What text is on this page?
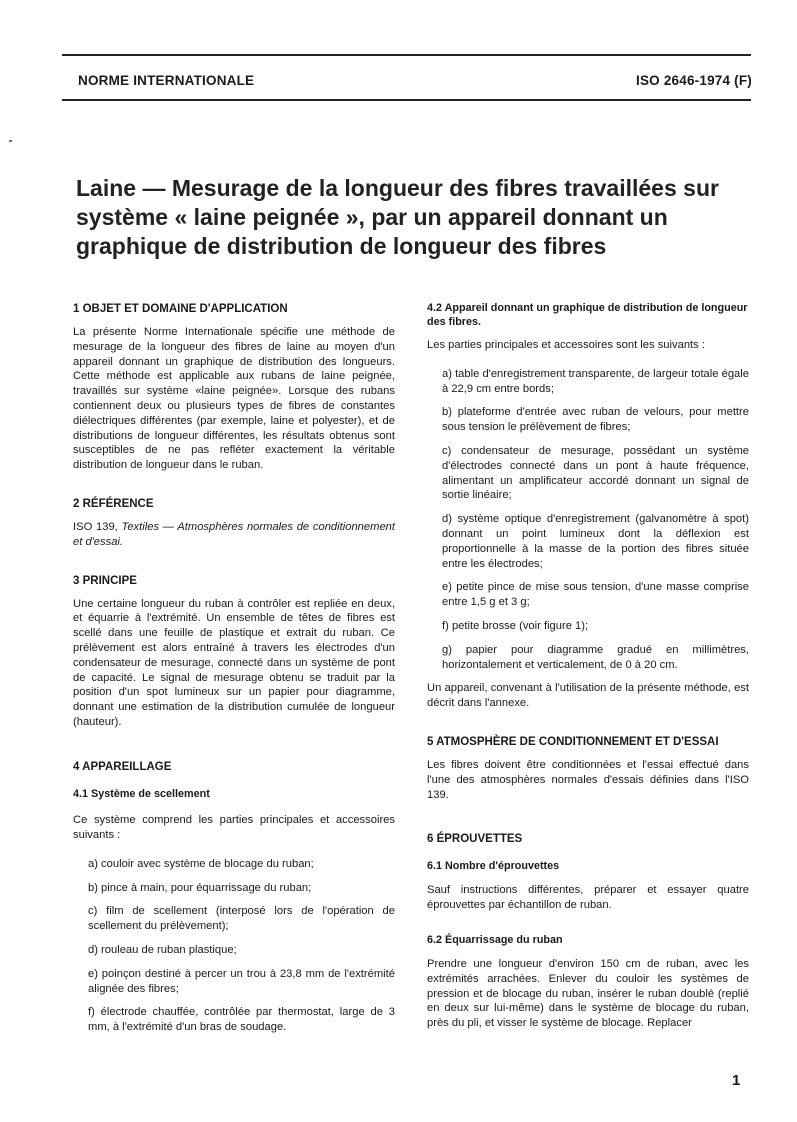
NORME INTERNATIONALE	ISO 2646-1974 (F)
Laine — Mesurage de la longueur des fibres travaillées sur système « laine peignée », par un appareil donnant un graphique de distribution de longueur des fibres
1 OBJET ET DOMAINE D'APPLICATION

La présente Norme Internationale spécifie une méthode de mesurage de la longueur des fibres de laine au moyen d'un appareil donnant un graphique de distribution des longueurs. Cette méthode est applicable aux rubans de laine peignée, travaillés sur système «laine peignée». Lorsque des rubans contiennent deux ou plusieurs types de fibres de constantes diélectriques différentes (par exemple, laine et polyester), et de distributions de longueur différentes, les résultats obtenus sont susceptibles de ne pas refléter exactement la véritable distribution de longueur dans le ruban.

2 RÉFÉRENCE

ISO 139, Textiles — Atmosphères normales de conditionnement et d'essai.

3 PRINCIPE

Une certaine longueur du ruban à contrôler est repliée en deux, et équarrie à l'extrémité. Un ensemble de têtes de fibres est scellé dans une feuille de plastique et extrait du ruban. Ce prélèvement est alors entraîné à travers les électrodes d'un condensateur de mesurage, connecté dans un système de pont de capacité. Le signal de mesurage obtenu se traduit par la position d'un spot lumineux sur un papier pour diagramme, donnant une estimation de la distribution cumulée de longueur (hauteur).

4 APPAREILLAGE
4.1 Système de scellement

Ce système comprend les parties principales et accessoires suivants :

a) couloir avec système de blocage du ruban;

b) pince à main, pour équarrissage du ruban;

c) film de scellement (interposé lors de l'opération de scellement du prélèvement);

d) rouleau de ruban plastique;

e) poinçon destiné à percer un trou à 23,8 mm de l'extrémité alignée des fibres;

f) électrode chauffée, contrôlée par thermostat, large de 3 mm, à l'extrémité d'un bras de soudage.

4.2 Appareil donnant un graphique de distribution de longueur des fibres.

Les parties principales et accessoires sont les suivants :

a) table d'enregistrement transparente, de largeur totale égale à 22,9 cm entre bords;

b) plateforme d'entrée avec ruban de velours, pour mettre sous tension le prélèvement de fibres;

c) condensateur de mesurage, possédant un système d'électrodes connecté dans un pont à haute fréquence, alimentant un amplificateur accordé donnant un signal de sortie linéaire;

d) système optique d'enregistrement (galvanomètre à spot) donnant un point lumineux dont la déflexion est proportionnelle à la masse de la portion des fibres située entre les électrodes;

e) petite pince de mise sous tension, d'une masse comprise entre 1,5 g et 3 g;

f) petite brosse (voir figure 1);

g) papier pour diagramme gradué en millimètres, horizontalement et verticalement, de 0 à 20 cm.

Un appareil, convenant à l'utilisation de la présente méthode, est décrit dans l'annexe.

5 ATMOSPHÈRE DE CONDITIONNEMENT ET D'ESSAI

Les fibres doivent être conditionnées et l'essai effectué dans l'une des atmosphères normales d'essais définies dans l'ISO 139.

6 ÉPROUVETTES
6.1 Nombre d'éprouvettes

Sauf instructions différentes, préparer et essayer quatre éprouvettes par échantillon de ruban.

6.2 Équarrissage du ruban

Prendre une longueur d'environ 150 cm de ruban, avec les extrémités arrachées. Enlever du couloir les systèmes de pression et de blocage du ruban, insérer le ruban doublé (replié en deux sur lui-même) dans le système de blocage du ruban, près du pli, et visser le système de blocage. Replacer

1
